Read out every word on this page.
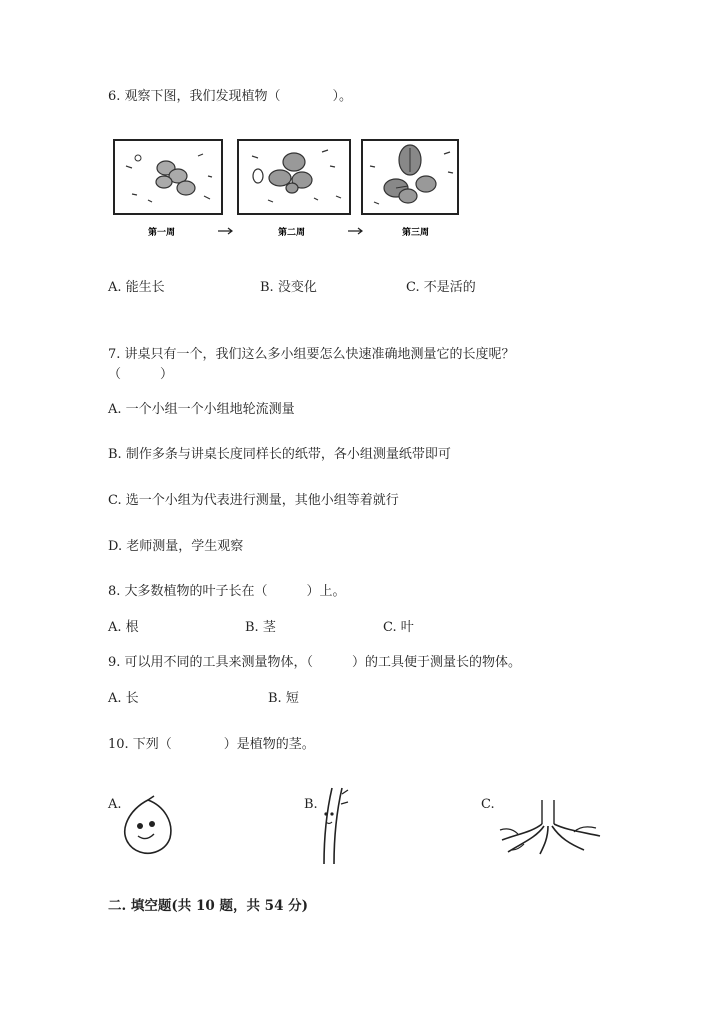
6. 观察下图，我们发现植物（　　　　）。
第一周	第二周	第三周
A. 能生长	B. 没变化	C. 不是活的
7. 讲桌只有一个，我们这么多小组要怎么快速准确地测量它的长度呢？
（　　　）
A. 一个小组一个小组地轮流测量
B. 制作多条与讲桌长度同样长的纸带，各小组测量纸带即可
C. 选一个小组为代表进行测量，其他小组等着就行
D. 老师测量，学生观察
8. 大多数植物的叶子长在（　　　）上。
A. 根	B. 茎	C. 叶
9. 可以用不同的工具来测量物体，（　　　）的工具便于测量长的物体。
A. 长	B. 短
10. 下列（　　　　）是植物的茎。
A.	B.	C.
二. 填空题(共 10 题，共 54 分)
